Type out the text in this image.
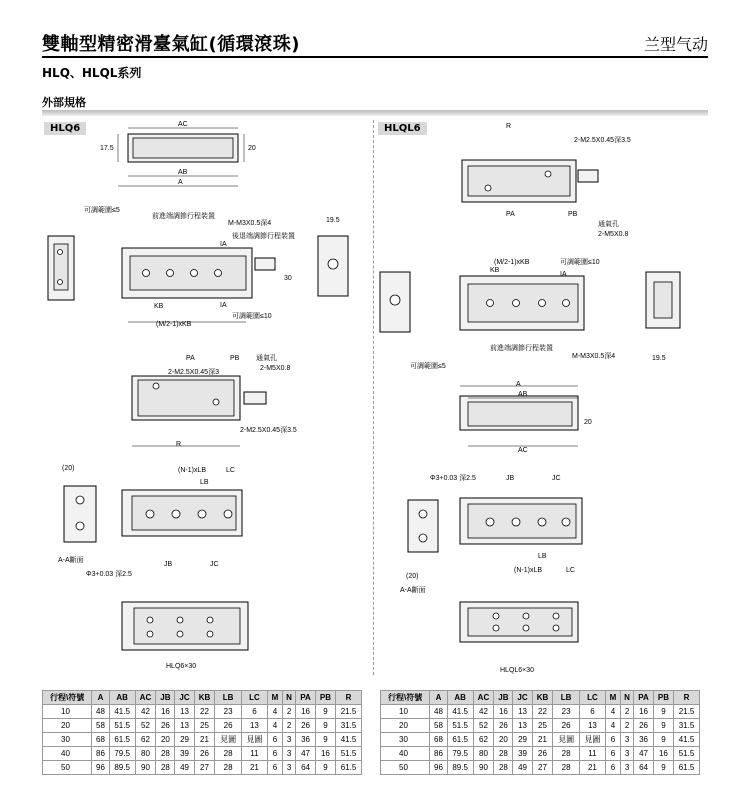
雙軸型精密滑臺氣缸(循環滾珠)	兰型气动
HLQ、HLQL系列
外部規格
HLQ6	HLQL6
AC
AB
A
20
17.5
KB
(M/2-1)xKB
IA
IA
可調範圍≤5
前進端調節行程裝置
M-M3X0.5深4
後退端調節行程裝置
可調範圍≤10
30
19.5
PA	PB 通氣孔
2-M5X0.8
2-M2.5X0.45深3
2-M2.5X0.45深3.5
R
A-A斷面
(20)	(N-1)xLB
LB
LC
JB	JC
Φ3+0.03 深2.5
HLQ6×30
R
2-M2.5X0.45深3.5
PA	PB
通氣孔
2-M5X0.8
(M/2-1)xKB
KB
可調範圍≤10
IA
前進端調節行程裝置
M-M3X0.5深4
可調範圍≤5
19.5
A
AB
AC
20
A-A斷面
(20)
Φ3+0.03 深2.5	JB	JC
LB
(N-1)xLB	LC
HLQL6×30
行程\符號	A	AB	AC	JB	JC	KB	LB	LC	M	N	PA	PB	R
10	48	41.5	42	16	13	22	23	6	4	2	16	9	21.5
20	58	51.5	52	26	13	25	26	13	4	2	26	9	31.5
30	68	61.5	62	20	29	21	見圖	見圖	6	3	36	9	41.5
40	86	79.5	80	28	39	26	28	11	6	3	47	16	51.5
50	96	89.5	90	28	49	27	28	21	6	3	64	9	61.5
行程\符號	A	AB	AC	JB	JC	KB	LB	LC	M	N	PA	PB	R
10	48	41.5	42	16	13	22	23	6	4	2	16	9	21.5
20	58	51.5	52	26	13	25	26	13	4	2	26	9	31.5
30	68	61.5	62	20	29	21	見圖	見圖	6	3	36	9	41.5
40	86	79.5	80	28	39	26	28	11	6	3	47	16	51.5
50	96	89.5	90	28	49	27	28	21	6	3	64	9	61.5
